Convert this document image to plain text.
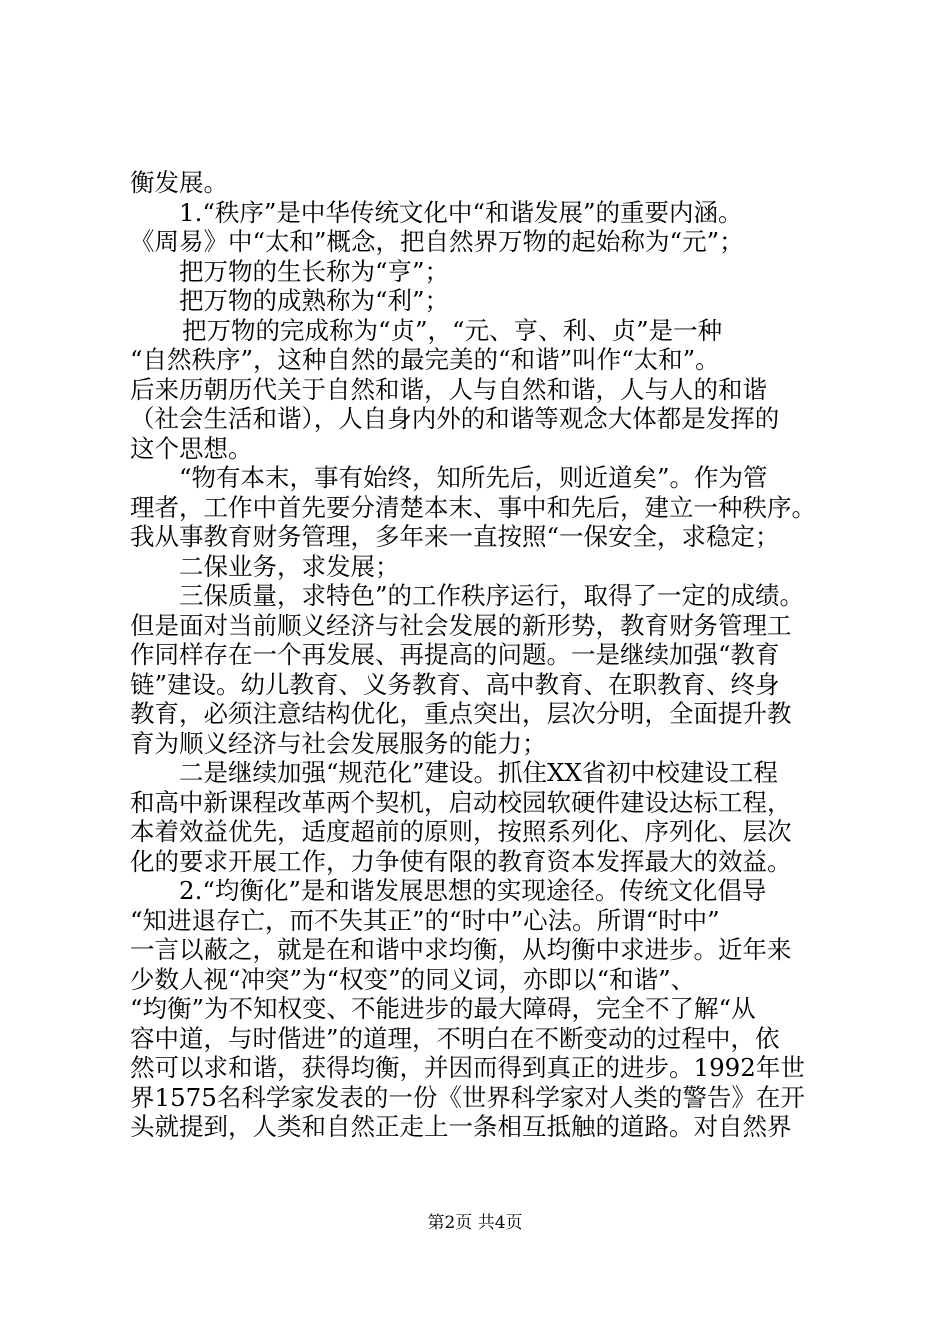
衡发展。
1.“秩序”是中华传统文化中“和谐发展”的重要内涵。
《周易》中“太和”概念，把自然界万物的起始称为“元”；
把万物的生长称为“亨”；
把万物的成熟称为“利”；
把万物的完成称为“贞”，“元、亨、利、贞”是一种
“自然秩序”，这种自然的最完美的“和谐”叫作“太和”。
后来历朝历代关于自然和谐，人与自然和谐，人与人的和谐
（社会生活和谐），人自身内外的和谐等观念大体都是发挥的
这个思想。
“物有本末，事有始终，知所先后，则近道矣”。作为管
理者，工作中首先要分清楚本末、事中和先后，建立一种秩序。
我从事教育财务管理，多年来一直按照“一保安全，求稳定；
二保业务，求发展；
三保质量，求特色”的工作秩序运行，取得了一定的成绩。
但是面对当前顺义经济与社会发展的新形势，教育财务管理工
作同样存在一个再发展、再提高的问题。一是继续加强“教育
链”建设。幼儿教育、义务教育、高中教育、在职教育、终身
教育，必须注意结构优化，重点突出，层次分明，全面提升教
育为顺义经济与社会发展服务的能力；
二是继续加强“规范化”建设。抓住XX省初中校建设工程
和高中新课程改革两个契机，启动校园软硬件建设达标工程，
本着效益优先，适度超前的原则，按照系列化、序列化、层次
化的要求开展工作，力争使有限的教育资本发挥最大的效益。
2.“均衡化”是和谐发展思想的实现途径。传统文化倡导
“知进退存亡，而不失其正”的“时中”心法。所谓“时中”
一言以蔽之，就是在和谐中求均衡，从均衡中求进步。近年来
少数人视“冲突”为“权变”的同义词，亦即以“和谐”、
“均衡”为不知权变、不能进步的最大障碍，完全不了解“从
容中道，与时偕进”的道理，不明白在不断变动的过程中，依
然可以求和谐，获得均衡，并因而得到真正的进步。1992年世
界1575名科学家发表的一份《世界科学家对人类的警告》在开
头就提到，人类和自然正走上一条相互抵触的道路。对自然界
第2页 共4页
